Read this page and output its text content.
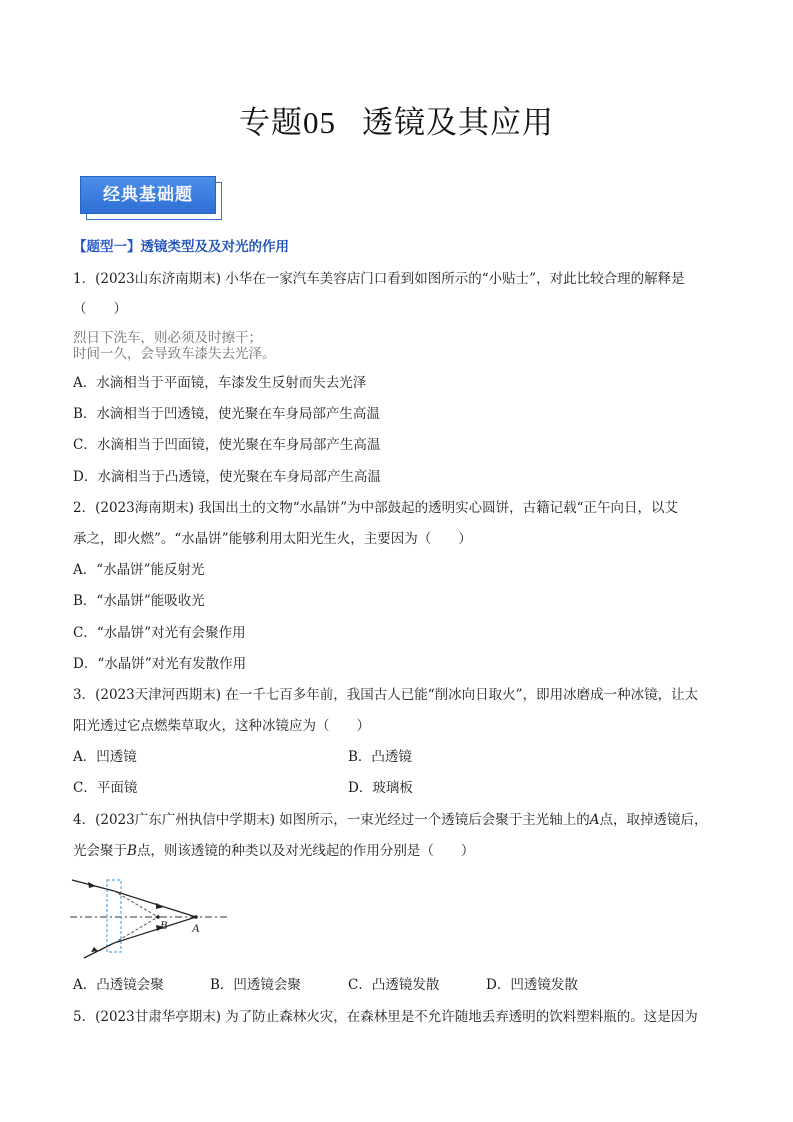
专题05 透镜及其应用
经典基础题
【题型一】透镜类型及及对光的作用
1．(2023山东济南期末) 小华在一家汽车美容店门口看到如图所示的“小贴士”，对此比较合理的解释是
（　　）
烈日下洗车，则必须及时擦干；
时间一久，会导致车漆失去光泽。
A．水滴相当于平面镜，车漆发生反射而失去光泽
B．水滴相当于凹透镜，使光聚在车身局部产生高温
C．水滴相当于凹面镜，使光聚在车身局部产生高温
D．水滴相当于凸透镜，使光聚在车身局部产生高温
2．(2023海南期末) 我国出土的文物“水晶饼”为中部鼓起的透明实心圆饼，古籍记载“正午向日，以艾
承之，即火燃”。“水晶饼”能够利用太阳光生火，主要因为（　　）
A．“水晶饼”能反射光
B．“水晶饼”能吸收光
C．“水晶饼”对光有会聚作用
D．“水晶饼”对光有发散作用
3．(2023天津河西期末) 在一千七百多年前，我国古人已能“削冰向日取火”，即用冰磨成一种冰镜，让太
阳光透过它点燃柴草取火，这种冰镜应为（　　）
A．凹透镜	B．凸透镜
C．平面镜	D．玻璃板
4．(2023广东广州执信中学期末) 如图所示，一束光经过一个透镜后会聚于主光轴上的A点，取掉透镜后，
光会聚于B点，则该透镜的种类以及对光线起的作用分别是（　　）
B A
A．凸透镜会聚	B．凹透镜会聚	C．凸透镜发散	D．凹透镜发散
5．(2023甘肃华亭期末) 为了防止森林火灾，在森林里是不允许随地丢弃透明的饮料塑料瓶的。这是因为
